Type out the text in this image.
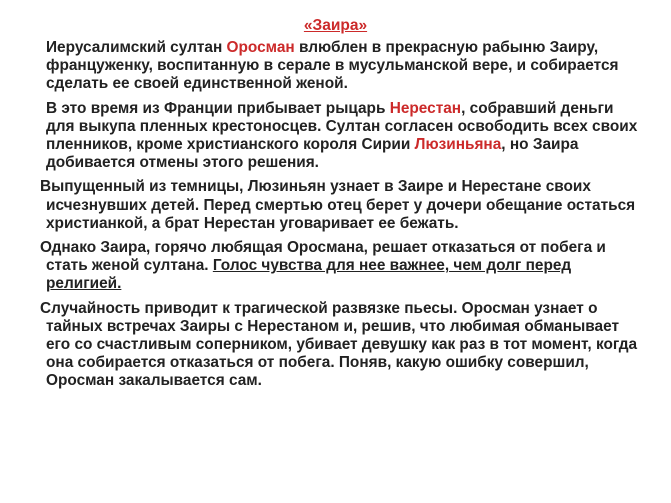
«Заира»

Иерусалимский султан Оросман влюблен в прекрасную рабыню Заиру, француженку, воспитанную в серале в мусульманской вере, и собирается сделать ее своей единственной женой.

В это время из Франции прибывает рыцарь Нерестан, собравший деньги для выкупа пленных крестоносцев. Султан согласен освободить всех своих пленников, кроме христианского короля Сирии Люзиньяна, но Заира добивается отмены этого решения.

Выпущенный из темницы, Люзиньян узнает в Заире и Нерестане своих исчезнувших детей. Перед смертью отец берет у дочери обещание остаться христианкой, а брат Нерестан уговаривает ее бежать.

Однако Заира, горячо любящая Оросмана, решает отказаться от побега и стать женой султана. Голос чувства для нее важнее, чем долг перед религией.

Случайность приводит к трагической развязке пьесы. Оросман узнает о тайных встречах Заиры с Нерестаном и, решив, что любимая обманывает его со счастливым соперником, убивает девушку как раз в тот момент, когда она собирается отказаться от побега. Поняв, какую ошибку совершил, Оросман закалывается сам.
